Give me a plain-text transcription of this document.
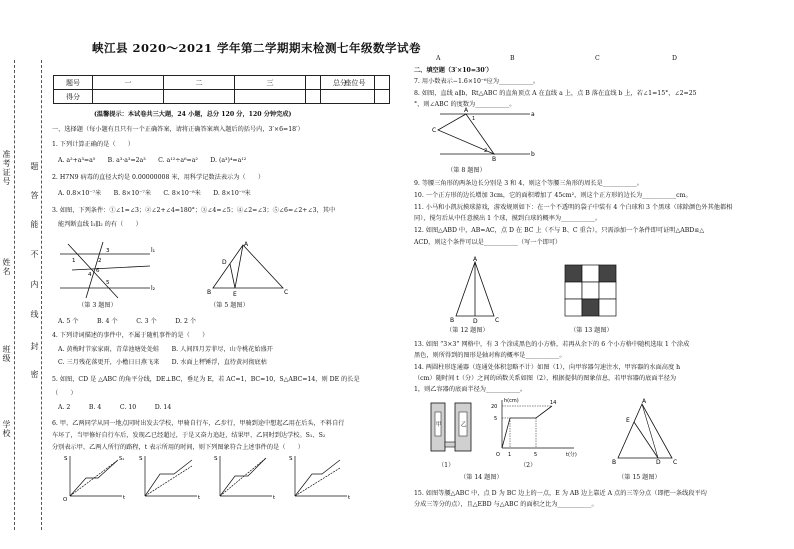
峡江县 2020～2021 学年第二学期期末检测七年级数学试卷
题号	一	二	三	总分
得分				
座位号

(温馨提示：本试卷共三大题，24 小题，总分 120 分，120 分钟完成)
准考证号
姓名
班级
学校
题
答
能
不
内
线
封
密
一、选择题（每小题有且只有一个正确答案，请将正确答案填入题后的括号内，3′×6=18′）
1. 下列计算正确的是（　　）
A. a²+a³=a⁵　　B. a³·a³=2a³　　C. a¹²÷a⁶=a²　　D. (a³)⁴=a¹²
2. H7N9 病毒的直径大约是 0.00000008 米，用科学记数法表示为（　　）
A. 0.8×10⁻⁷米　　B. 8×10⁻⁷米　　C. 8×10⁻⁸米　　D. 8×10⁻⁹米
3. 如图，下列条件：①∠1=∠3；②∠2+∠4=180°；③∠4=∠5；④∠2=∠3；⑤∠6=∠2+∠3，其中
能判断直线 l₁∥l₂ 的有（　　）
l₁
l₂
1	2
3
4
5
6
（第 3 题图）
A
D
B	E	C
（第 5 题图）
A. 5 个　　　B. 4 个　　　C. 3 个　　　D. 2 个
4. 下列诗词描述的事件中，不属于随机事件的是（　　）
A. 黄梅时节家家雨，青草池塘处处蛙　　B. 人间四月芳菲尽，山寺桃花始盛开
C. 三月残花落更开，小檐日日燕飞来　　D. 水面上秤锤浮，直待黄河彻底枯
5. 如图，CD 是 △ABC 的角平分线，DE⊥BC，垂足为 E，若 AC=1，BC=10，S△ABC=14，则 DE 的长是
（　　）
A. 2　　　B. 4　　　C. 10　　　D. 14
6. 甲、乙两同学从同一地点同时出发去学校，甲骑自行车，乙步行，甲骑到途中想起乙用在后头，不料自行
车坏了，当甲修好自行车后，发现乙已经超过，于是又奋力追赶，结果甲、乙同时到达学校。S₁、S₂
分别表示甲、乙两人所行的路程，t 表示所用的时间，则下列图象符合上述事件的是（　　）
S	S₁
t
O
S
t
S
t
S
t
A	B	C	D
二、填空题（3′×10=30′）
7. 用小数表示−1.6×10⁻⁶应为___________。
8. 如图，直线 a∥b，Rt△ABC 的直角顶点 A 在直线 a 上，点 B 落在直线 b 上，若∠1=15°，∠2=25
°，则∠ABC 的度数为___________。
A
a
C
b
B
1
2
（第 8 题图）
9. 等腰三角形的两条边长分别是 3 和 4，则这个等腰三角形的周长是___________。
10. 一个正方形的边长增加 3cm，它的面积增加了 45cm²，则这个正方形的边长为___________cm。
11. 小马和小凯玩摸球游戏，游戏规则如下：在一个不透明的袋子中装有 4 个白球和 3 个黑球（球除颜色外其他都相
同），搅匀后从中任意摸出 1 个球，摸到白球的概率为___________。
12. 如图△ABD 中，AB=AC，点 D 在 BC 上（不与 B、C 重合），只需添加一个条件即可证明△ABD≌△
ACD，则这个条件可以是___________（写一个即可）
A
B	D	C
（第 12 题图）	（第 13 题图）
13. 如图 “3×3” 网格中，有 3 个涂成黑色的小方格，若再从余下的 6 个小方格中随机选取 1 个涂成
黑色，则所得到的图形是轴对称的概率是___________。
14. 两圆柱形连通器（连通处体积忽略不计）如图（1），向甲容器匀速注水，甲容器的水面高度 h
（cm）随时间 t（分）之间的函数关系如图（2），根据提供的图象信息，若甲容器的底面半径为
1，则乙容器的底面半径为___________。
甲	乙
h(cm)
t(分)
O 1	5
20
5
14
（1）	（2）
（第 14 题图）
A
E
D
B	C
（第 15 题图）
15. 如图等腰△ABC 中，点 D 为 BC 边上的一点，E 为 AB 边上靠近 A 点的三等分点（即把一条线段平均
分成三等分的点），且△EBD 与△ABC 的面积之比为___________。
